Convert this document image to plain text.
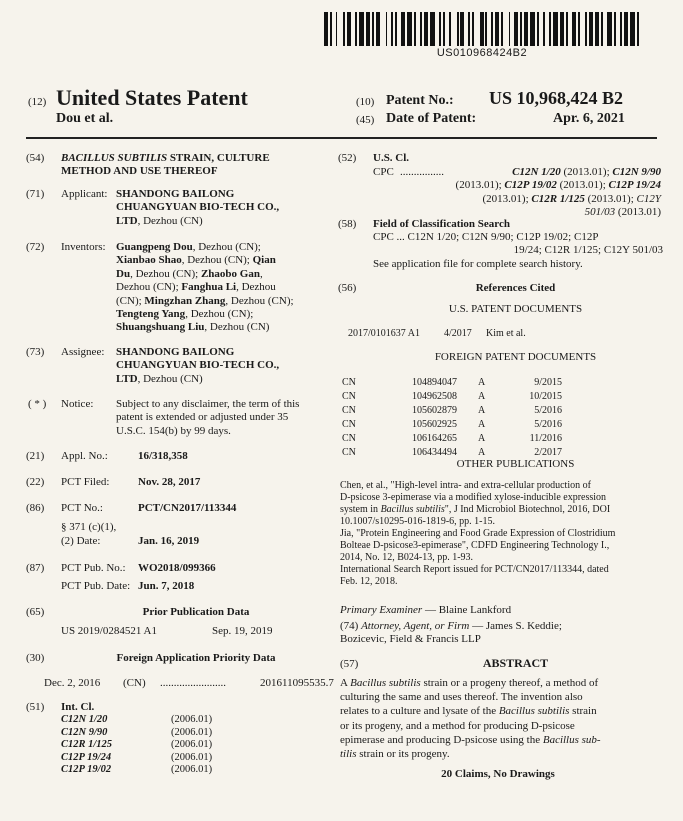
US010968424B2
(12) United States Patent
Dou et al.
(10) Patent No.: US 10,968,424 B2
(45) Date of Patent:	Apr. 6, 2021
(54) BACILLUS SUBTILIS STRAIN, CULTURE
METHOD AND USE THEREOF
(71) Applicant: SHANDONG BAILONG
CHUANGYUAN BIO-TECH CO.,
LTD, Dezhou (CN)
(72) Inventors: Guangpeng Dou, Dezhou (CN);
Xianbao Shao, Dezhou (CN); Qian
Du, Dezhou (CN); Zhaobo Gan,
Dezhou (CN); Fanghua Li, Dezhou
(CN); Mingzhan Zhang, Dezhou (CN);
Tengteng Yang, Dezhou (CN);
Shuangshuang Liu, Dezhou (CN)
(73) Assignee: SHANDONG BAILONG
CHUANGYUAN BIO-TECH CO.,
LTD, Dezhou (CN)
( * ) Notice: Subject to any disclaimer, the term of this
patent is extended or adjusted under 35
U.S.C. 154(b) by 99 days.
(21) Appl. No.:	16/318,358
(22) PCT Filed:	Nov. 28, 2017
(86) PCT No.:	PCT/CN2017/113344
§ 371 (c)(1),
(2) Date:	Jan. 16, 2019
(87) PCT Pub. No.: WO2018/099366
PCT Pub. Date: Jun. 7, 2018
(65)	Prior Publication Data
US 2019/0284521 A1	Sep. 19, 2019
(30)	Foreign Application Priority Data
Dec. 2, 2016 (CN) ........................	201611095535.7
(51) Int. Cl.
C12N 1/20	(2006.01)
C12N 9/90	(2006.01)
C12R 1/125	(2006.01)
C12P 19/24	(2006.01)
C12P 19/02	(2006.01)
(52) U.S. Cl.
CPC ................	C12N 1/20 (2013.01); C12N 9/90
(2013.01); C12P 19/02 (2013.01); C12P 19/24
(2013.01); C12R 1/125 (2013.01); C12Y
501/03 (2013.01)
(58) Field of Classification Search
CPC ... C12N 1/20; C12N 9/90; C12P 19/02; C12P
19/24; C12R 1/125; C12Y 501/03
See application file for complete search history.
(56)	References Cited
U.S. PATENT DOCUMENTS
2017/0101637 A1	4/2017	Kim et al.
FOREIGN PATENT DOCUMENTS
CN	104894047	A	9/2015
CN	104962508	A	10/2015
CN	105602879	A	5/2016
CN	105602925	A	5/2016
CN	106164265	A	11/2016
CN	106434494	A	2/2017
OTHER PUBLICATIONS
Chen, et al., "High-level intra- and extra-cellular production of
D-psicose 3-epimerase via a modified xylose-inducible expression
system in Bacillus subtilis", J Ind Microbiol Biotechnol, 2016, DOI
10.1007/s10295-016-1819-6, pp. 1-15.
Jia, "Protein Engineering and Food Grade Expression of Clostridium
Bolteae D-psicose3-epimerase", CDFD Engineering Technology I.,
2014, No. 12, B024-13, pp. 1-93.
International Search Report issued for PCT/CN2017/113344, dated
Feb. 12, 2018.
Primary Examiner — Blaine Lankford
(74) Attorney, Agent, or Firm — James S. Keddie;
Bozicevic, Field & Francis LLP
(57)	ABSTRACT
A Bacillus subtilis strain or a progeny thereof, a method of
culturing the same and uses thereof. The invention also
relates to a culture and lysate of the Bacillus subtilis strain
or its progeny, and a method for producing D-psicose
epimerase and producing D-psicose using the Bacillus sub-
tilis strain or its progeny.
20 Claims, No Drawings
